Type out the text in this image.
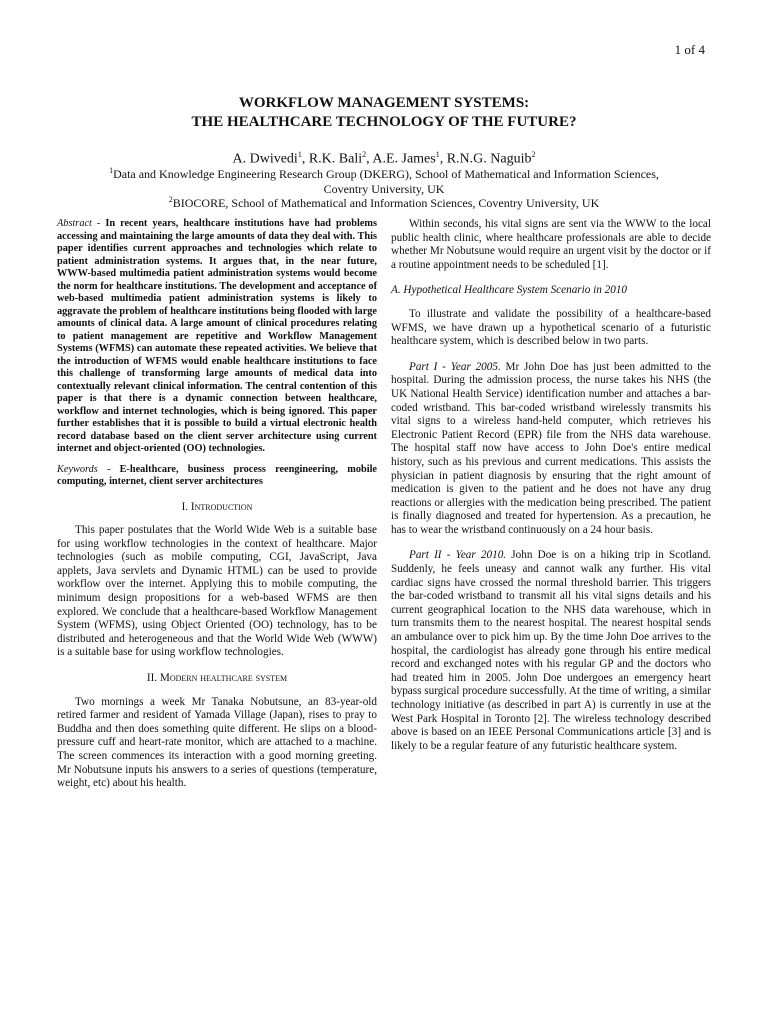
1 of 4
WORKFLOW MANAGEMENT SYSTEMS:
THE HEALTHCARE TECHNOLOGY OF THE FUTURE?
A. Dwivedi$^1$, R.K. Bali$^2$, A.E. James$^1$, R.N.G. Naguib$^2$
$^1$Data and Knowledge Engineering Research Group (DKERG), School of Mathematical and Information Sciences,
Coventry University, UK
$^2$BIOCORE, School of Mathematical and Information Sciences, Coventry University, UK

Abstract - In recent years, healthcare institutions have had problems accessing and maintaining the large amounts of data they deal with. This paper identifies current approaches and technologies which relate to patient administration systems. It argues that, in the near future, WWW-based multimedia patient administration systems would become the norm for healthcare institutions. The development and acceptance of web-based multimedia patient administration systems is likely to aggravate the problem of healthcare institutions being flooded with large amounts of clinical data. A large amount of clinical procedures relating to patient management are repetitive and Workflow Management Systems (WFMS) can automate these repeated activities. We believe that the introduction of WFMS would enable healthcare institutions to face this challenge of transforming large amounts of medical data into contextually relevant clinical information. The central contention of this paper is that there is a dynamic connection between healthcare, workflow and internet technologies, which is being ignored. This paper further establishes that it is possible to build a virtual electronic health record database based on the client server architecture using current internet and object-oriented (OO) technologies.

Keywords - E-healthcare, business process reengineering, mobile computing, internet, client server architectures

I. Introduction

This paper postulates that the World Wide Web is a suitable base for using workflow technologies in the context of healthcare. Major technologies (such as mobile computing, CGI, JavaScript, Java applets, Java servlets and Dynamic HTML) can be used to provide workflow over the internet. Applying this to mobile computing, the minimum design propositions for a web-based WFMS are then explored. We conclude that a healthcare-based Workflow Management System (WFMS), using Object Oriented (OO) technology, has to be distributed and heterogeneous and that the World Wide Web (WWW) is a suitable base for using workflow technologies.

II. Modern healthcare system

Two mornings a week Mr Tanaka Nobutsune, an 83-year-old retired farmer and resident of Yamada Village (Japan), rises to pray to Buddha and then does something quite different. He slips on a blood-pressure cuff and heart-rate monitor, which are attached to a machine. The screen commences its interaction with a good morning greeting. Mr Nobutsune inputs his answers to a series of questions (temperature, weight, etc) about his health.

Within seconds, his vital signs are sent via the WWW to the local public health clinic, where healthcare professionals are able to decide whether Mr Nobutsune would require an urgent visit by the doctor or if a routine appointment needs to be scheduled [1].

A. Hypothetical Healthcare System Scenario in 2010

To illustrate and validate the possibility of a healthcare-based WFMS, we have drawn up a hypothetical scenario of a futuristic healthcare system, which is described below in two parts.

Part I - Year 2005. Mr John Doe has just been admitted to the hospital. During the admission process, the nurse takes his NHS (the UK National Health Service) identification number and attaches a bar-coded wristband. This bar-coded wristband wirelessly transmits his vital signs to a wireless hand-held computer, which retrieves his Electronic Patient Record (EPR) file from the NHS data warehouse. The hospital staff now have access to John Doe's entire medical history, such as his previous and current medications. This assists the physician in patient diagnosis by ensuring that the right amount of medication is given to the patient and he does not have any drug reactions or allergies with the medication being prescribed. The patient is finally diagnosed and treated for hypertension. As a precaution, he has to wear the wristband continuously on a 24 hour basis.

Part II - Year 2010. John Doe is on a hiking trip in Scotland. Suddenly, he feels uneasy and cannot walk any further. His vital cardiac signs have crossed the normal threshold barrier. This triggers the bar-coded wristband to transmit all his vital signs details and his current geographical location to the NHS data warehouse, which in turn transmits them to the nearest hospital. The nearest hospital sends an ambulance over to pick him up. By the time John Doe arrives to the hospital, the cardiologist has already gone through his entire medical record and exchanged notes with his regular GP and the doctors who had treated him in 2005. John Doe undergoes an emergency heart bypass surgical procedure successfully. At the time of writing, a similar technology initiative (as described in part A) is currently in use at the West Park Hospital in Toronto [2]. The wireless technology described above is based on an IEEE Personal Communications article [3] and is likely to be a regular feature of any futuristic healthcare system.
